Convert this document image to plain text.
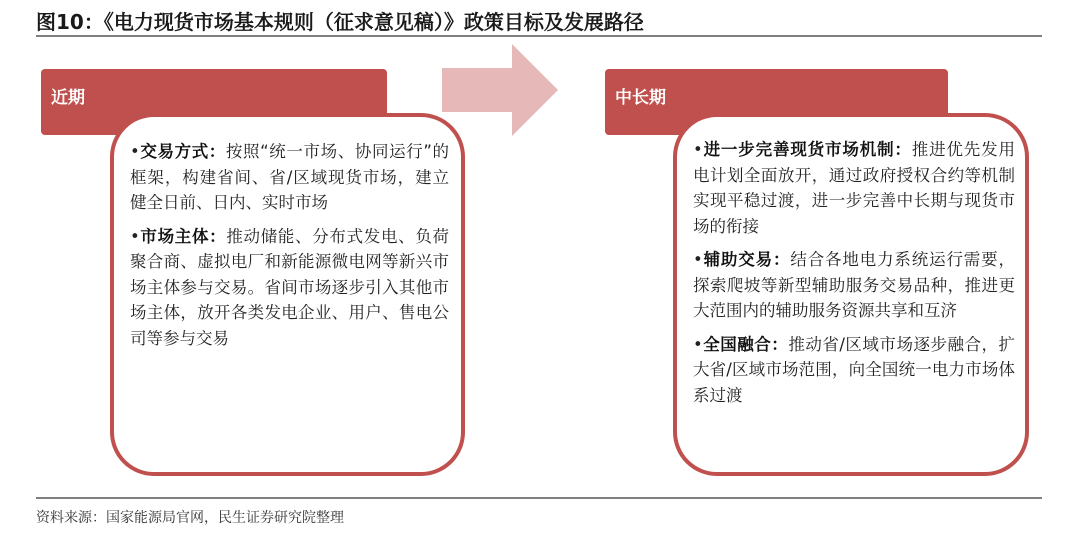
图10：《电力现货市场基本规则（征求意见稿）》政策目标及发展路径
近期	中长期
•交易方式：按照“统一市场、协同运行”的框架，构建省间、省/区域现货市场，建立健全日前、日内、实时市场
•市场主体：推动储能、分布式发电、负荷聚合商、虚拟电厂和新能源微电网等新兴市场主体参与交易。省间市场逐步引入其他市场主体，放开各类发电企业、用户、售电公司等参与交易
•进一步完善现货市场机制：推进优先发用电计划全面放开，通过政府授权合约等机制实现平稳过渡，进一步完善中长期与现货市场的衔接
•辅助交易：结合各地电力系统运行需要，探索爬坡等新型辅助服务交易品种，推进更大范围内的辅助服务资源共享和互济
•全国融合：推动省/区域市场逐步融合，扩大省/区域市场范围，向全国统一电力市场体系过渡
资料来源：国家能源局官网，民生证券研究院整理
